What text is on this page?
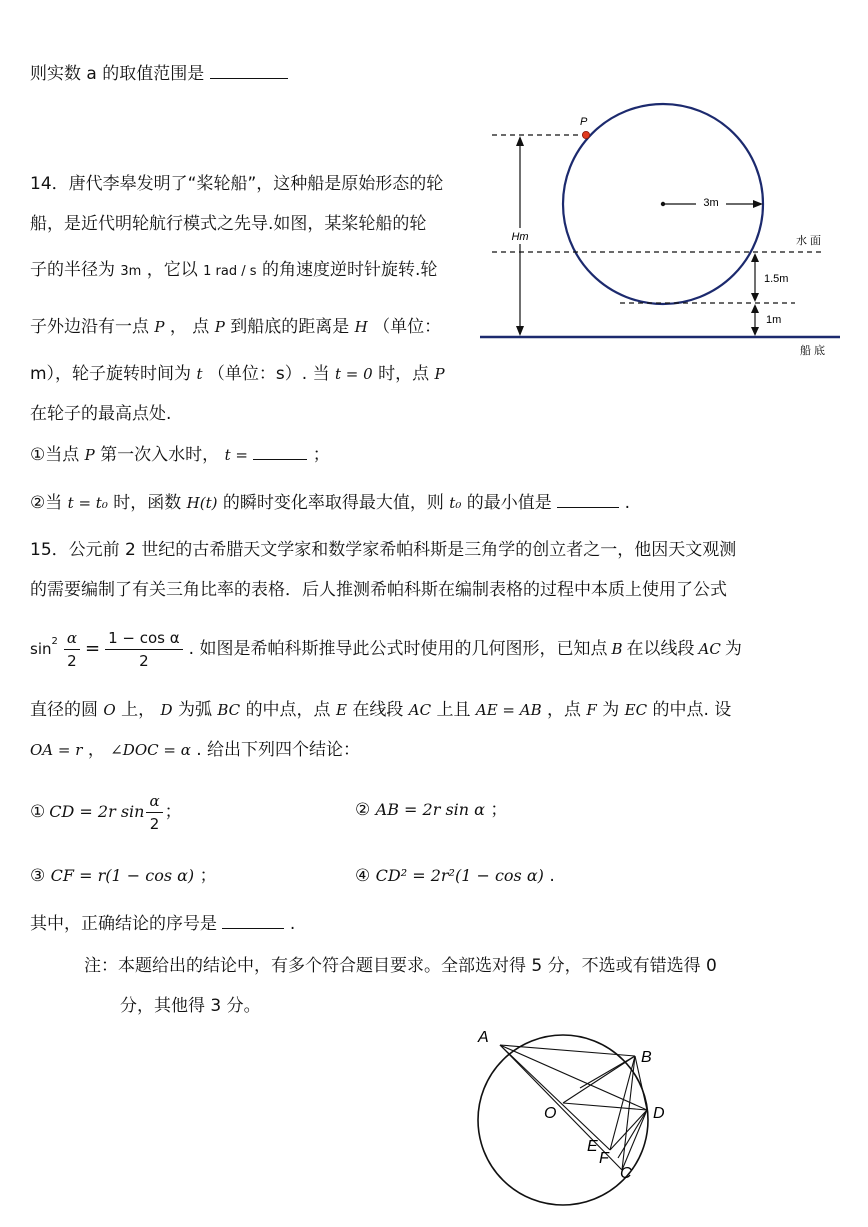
则实数 a 的取值范围是
14．唐代李皋发明了“桨轮船”，这种船是原始形态的轮
船，是近代明轮航行模式之先导.如图，某桨轮船的轮
子的半径为 3m ，它以 1 rad / s 的角速度逆时针旋转.轮
子外边沿有一点 P ， 点 P 到船底的距离是 H （单位：
m），轮子旋转时间为 t （单位：s）. 当 t = 0 时，点 P
在轮子的最高点处.
①当点 P 第一次入水时， t =	；
②当 t = t₀ 时，函数 H(t) 的瞬时变化率取得最大值，则 t₀ 的最小值是	.
Hm
3m
P
1.5m
1m
水 面
船 底
15．公元前 2 世纪的古希腊天文学家和数学家希帕科斯是三角学的创立者之一，他因天文观测
的需要编制了有关三角比率的表格．后人推测希帕科斯在编制表格的过程中本质上使用了公式
$\sin^2 \frac{\alpha}{2} = \frac{\text{1 − cos α}}{2}$ . 如图是希帕科斯推导此公式时使用的几何图形，已知点 B 在以线段 AC 为
直径的圆 O 上， D 为弧 BC 的中点，点 E 在线段 AC 上且 AE = AB ，点 F 为 EC 的中点. 设
OA = r ， ∠DOC = α . 给出下列四个结论：
① CD = 2r $\sin \frac{\alpha}{2}$ ；	② AB = 2r sin α ；
③ CF = r(1 − cos α) ；	④ CD² = 2r²(1 − cos α) .
其中，正确结论的序号是	.
注：本题给出的结论中，有多个符合题目要求。全部选对得 5 分，不选或有错选得 0
分，其他得 3 分。
A
B
O	D
E
F
C
